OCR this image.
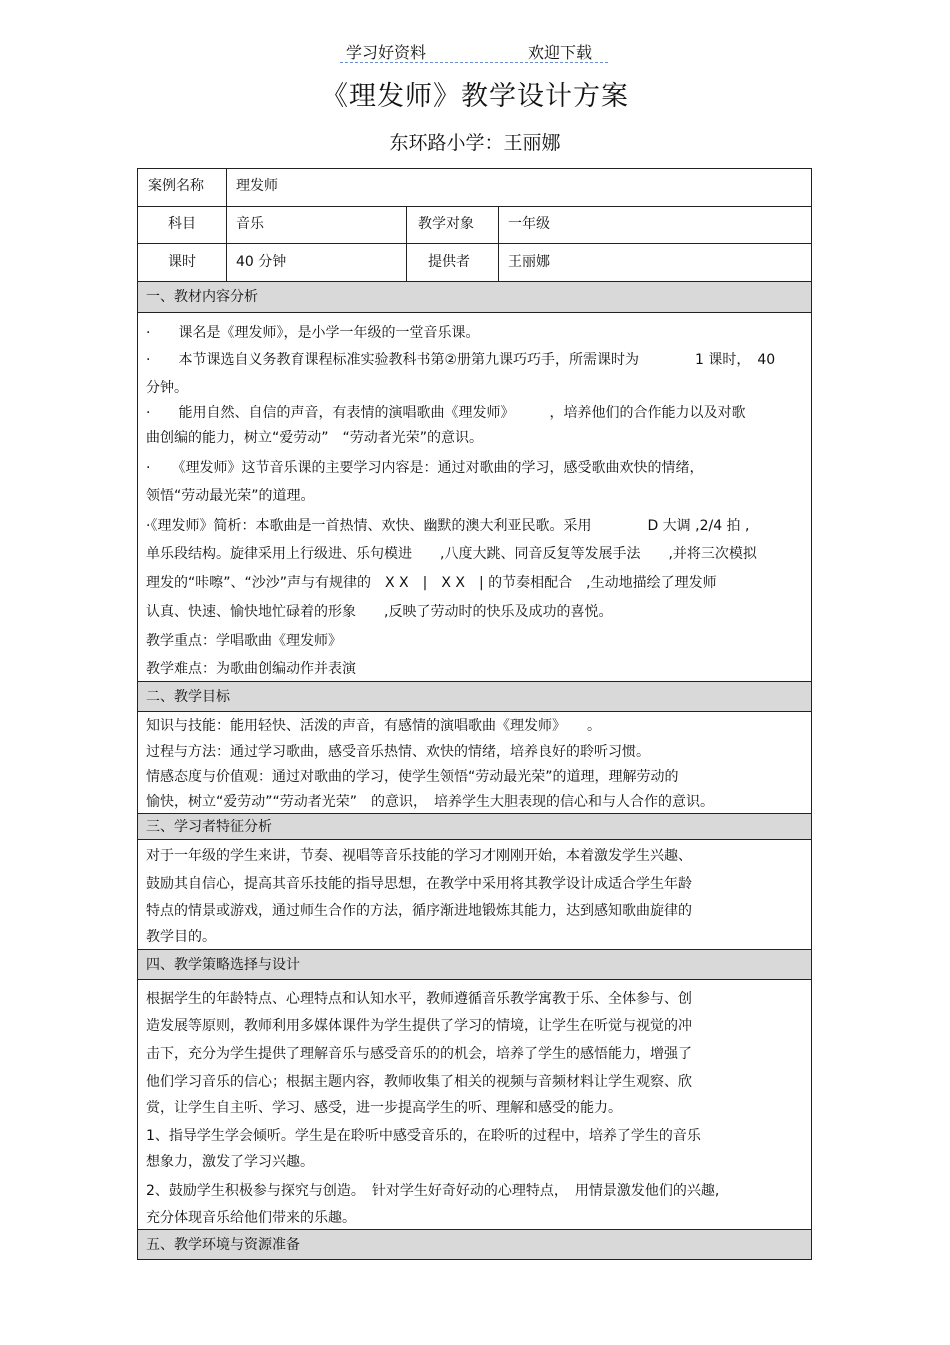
学习好资料	欢迎下载
《理发师》教学设计方案
东环路小学：王丽娜
案例名称 理发师
科目	音乐	教学对象 一年级
课时	40 分钟	提供者	王丽娜
一、教材内容分析
·　　课名是《理发师》，是小学一年级的一堂音乐课。
·　　本节课选自义务教育课程标准实验教科书第②册第九课巧巧手，所需课时为　　　　1 课时，　40
分钟。
·　　能用自然、自信的声音，有表情的演唱歌曲《理发师》　　　，培养他们的合作能力以及对歌
曲创编的能力，树立“爱劳动”　“劳动者光荣”的意识。
·　　《理发师》这节音乐课的主要学习内容是：通过对歌曲的学习，感受歌曲欢快的情绪，
领悟“劳动最光荣”的道理。
·《理发师》简析：本歌曲是一首热情、欢快、幽默的澳大利亚民歌。采用　　　　D 大调 ,2/4 拍 ,
单乐段结构。旋律采用上行级进、乐句模进　　,八度大跳、同音反复等发展手法　　,并将三次模拟
理发的“咔嚓”、“沙沙”声与有规律的　X X　|　X X　| 的节奏相配合　,生动地描绘了理发师
认真、快速、愉快地忙碌着的形象　　,反映了劳动时的快乐及成功的喜悦。
教学重点：学唱歌曲《理发师》
教学难点：为歌曲创编动作并表演
二、教学目标
知识与技能：能用轻快、活泼的声音，有感情的演唱歌曲《理发师》　　。
过程与方法：通过学习歌曲，感受音乐热情、欢快的情绪，培养良好的聆听习惯。
情感态度与价值观：通过对歌曲的学习，使学生领悟“劳动最光荣”的道理，理解劳动的
愉快，树立“爱劳动”“劳动者光荣”　的意识，　培养学生大胆表现的信心和与人合作的意识。
三、学习者特征分析
对于一年级的学生来讲，节奏、视唱等音乐技能的学习才刚刚开始，本着激发学生兴趣、
鼓励其自信心，提高其音乐技能的指导思想，在教学中采用将其教学设计成适合学生年龄
特点的情景或游戏，通过师生合作的方法，循序渐进地锻炼其能力，达到感知歌曲旋律的
教学目的。
四、教学策略选择与设计
根据学生的年龄特点、心理特点和认知水平，教师遵循音乐教学寓教于乐、全体参与、创
造发展等原则，教师利用多媒体课件为学生提供了学习的情境，让学生在听觉与视觉的冲
击下，充分为学生提供了理解音乐与感受音乐的的机会，培养了学生的感悟能力，增强了
他们学习音乐的信心；根据主题内容，教师收集了相关的视频与音频材料让学生观察、欣
赏，让学生自主听、学习、感受，进一步提高学生的听、理解和感受的能力。
1、指导学生学会倾听。学生是在聆听中感受音乐的，在聆听的过程中，培养了学生的音乐
想象力，激发了学习兴趣。
2、鼓励学生积极参与探究与创造。　针对学生好奇好动的心理特点，　用情景激发他们的兴趣,
充分体现音乐给他们带来的乐趣。
五、教学环境与资源准备
